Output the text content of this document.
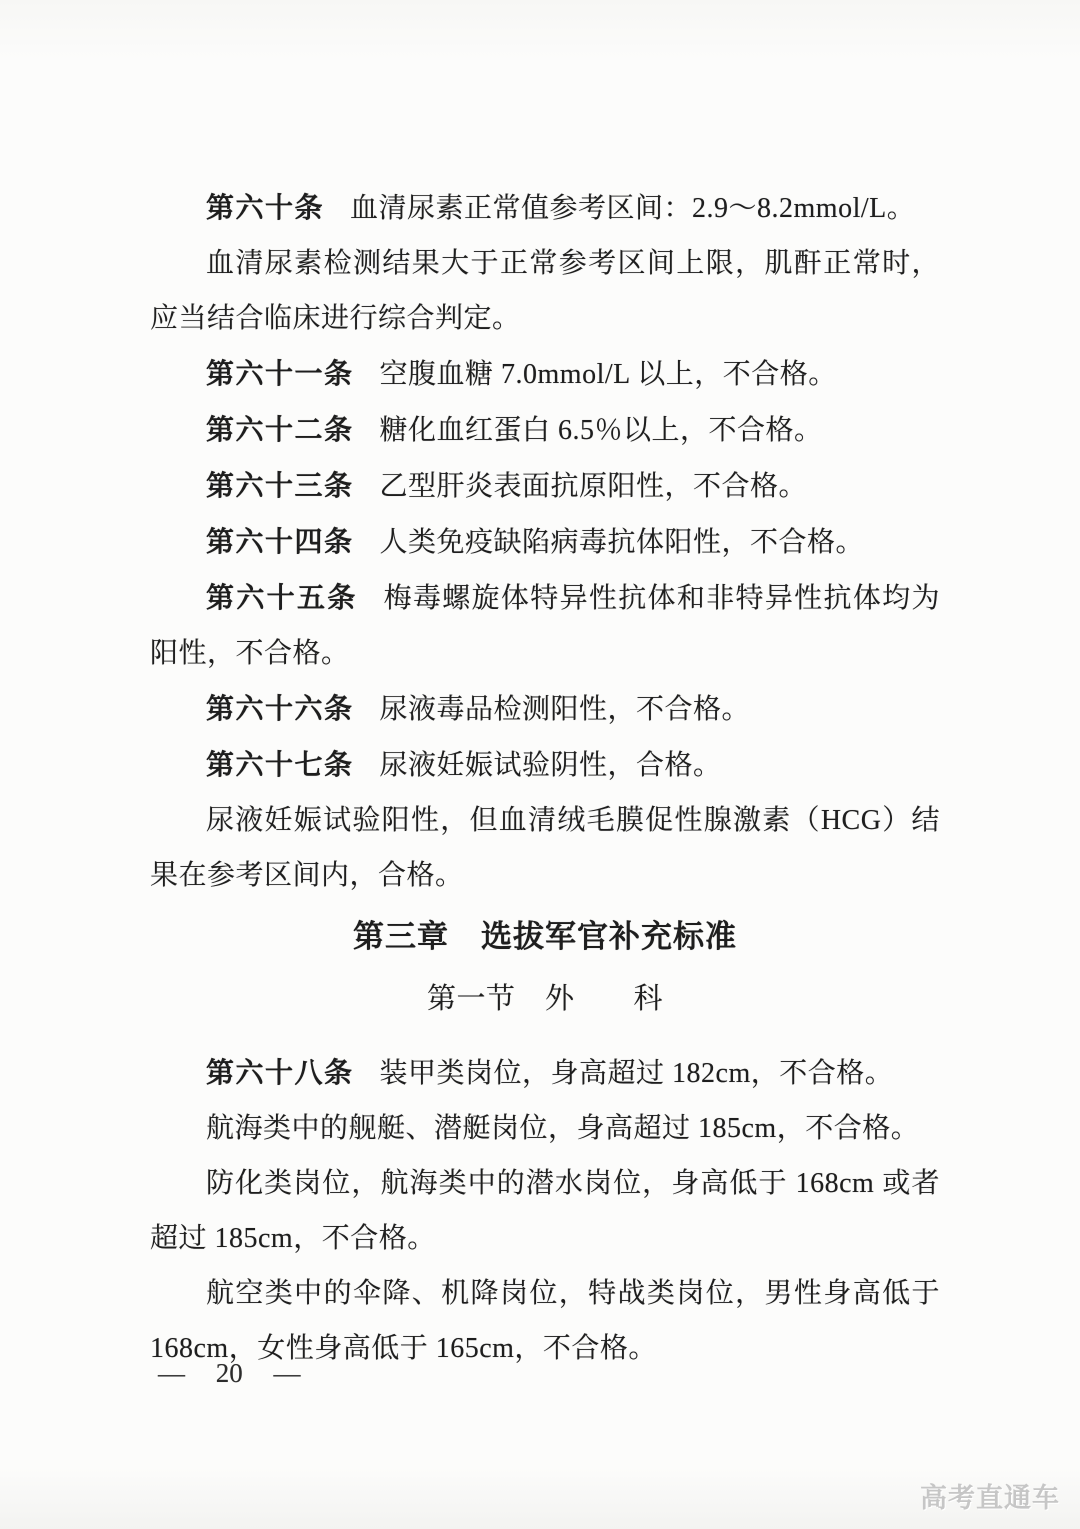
第六十条 血清尿素正常值参考区间：2.9～8.2mmol/L。

血清尿素检测结果大于正常参考区间上限，肌酐正常时，应当结合临床进行综合判定。

第六十一条 空腹血糖 7.0mmol/L 以上，不合格。

第六十二条 糖化血红蛋白 6.5％以上，不合格。

第六十三条 乙型肝炎表面抗原阳性，不合格。

第六十四条 人类免疫缺陷病毒抗体阳性，不合格。

第六十五条 梅毒螺旋体特异性抗体和非特异性抗体均为阳性，不合格。

第六十六条 尿液毒品检测阳性，不合格。

第六十七条 尿液妊娠试验阴性，合格。

尿液妊娠试验阳性，但血清绒毛膜促性腺激素（HCG）结果在参考区间内，合格。

第三章　选拔军官补充标准

第一节　外　　科

第六十八条 装甲类岗位，身高超过 182cm，不合格。

航海类中的舰艇、潜艇岗位，身高超过 185cm，不合格。

防化类岗位，航海类中的潜水岗位，身高低于 168cm 或者超过 185cm，不合格。

航空类中的伞降、机降岗位，特战类岗位，男性身高低于 168cm，女性身高低于 165cm，不合格。

— 20 —
高考直通车
